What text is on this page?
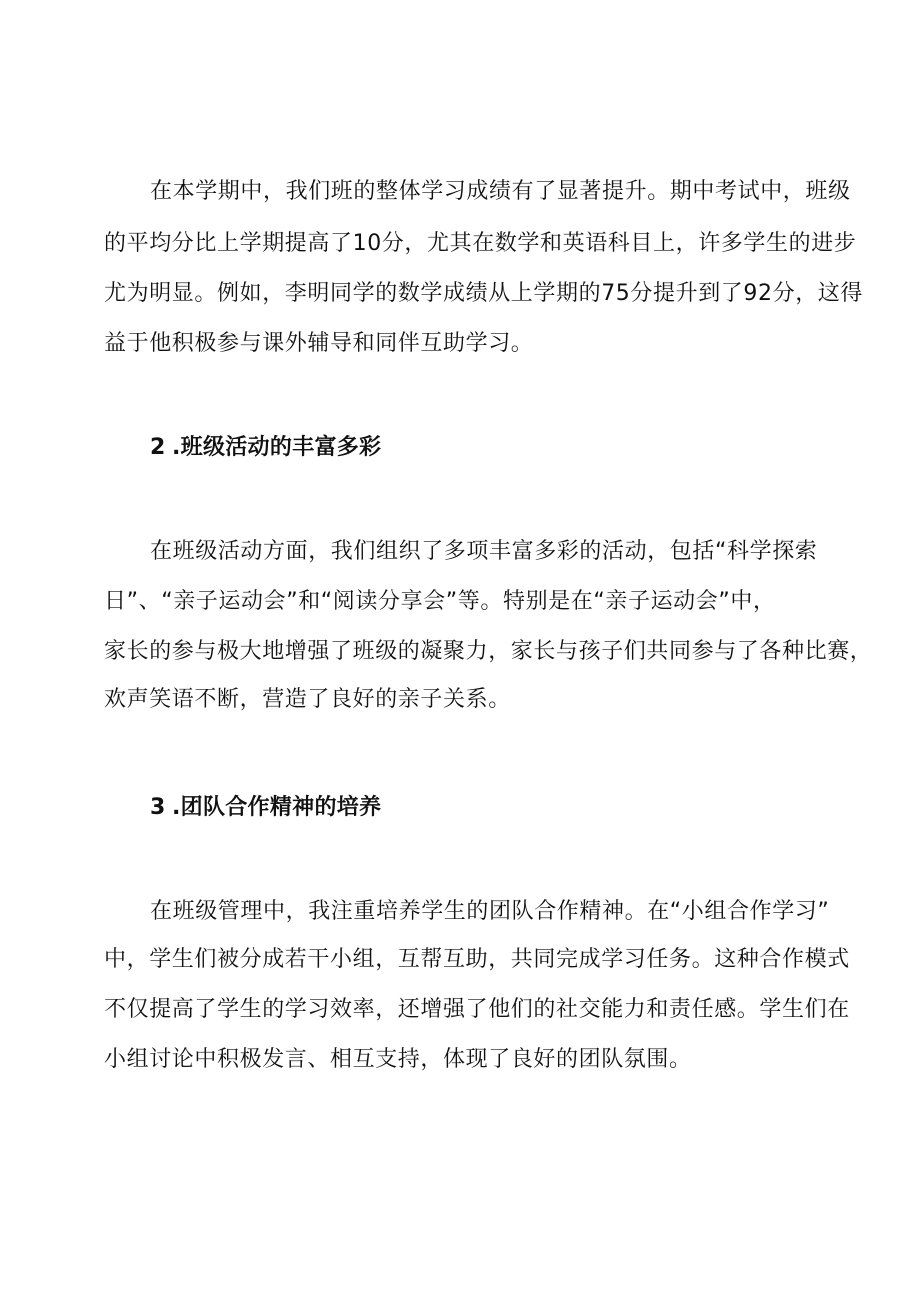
在本学期中，我们班的整体学习成绩有了显著提升。期中考试中，班级
的平均分比上学期提高了10分，尤其在数学和英语科目上，许多学生的进步
尤为明显。例如，李明同学的数学成绩从上学期的75分提升到了92分，这得
益于他积极参与课外辅导和同伴互助学习。
2 .班级活动的丰富多彩
在班级活动方面，我们组织了多项丰富多彩的活动，包括“科学探索
日”、“亲子运动会”和“阅读分享会”等。特别是在“亲子运动会”中，
家长的参与极大地增强了班级的凝聚力，家长与孩子们共同参与了各种比赛，
欢声笑语不断，营造了良好的亲子关系。
3 .团队合作精神的培养
在班级管理中，我注重培养学生的团队合作精神。在“小组合作学习”
中，学生们被分成若干小组，互帮互助，共同完成学习任务。这种合作模式
不仅提高了学生的学习效率，还增强了他们的社交能力和责任感。学生们在
小组讨论中积极发言、相互支持，体现了良好的团队氛围。
